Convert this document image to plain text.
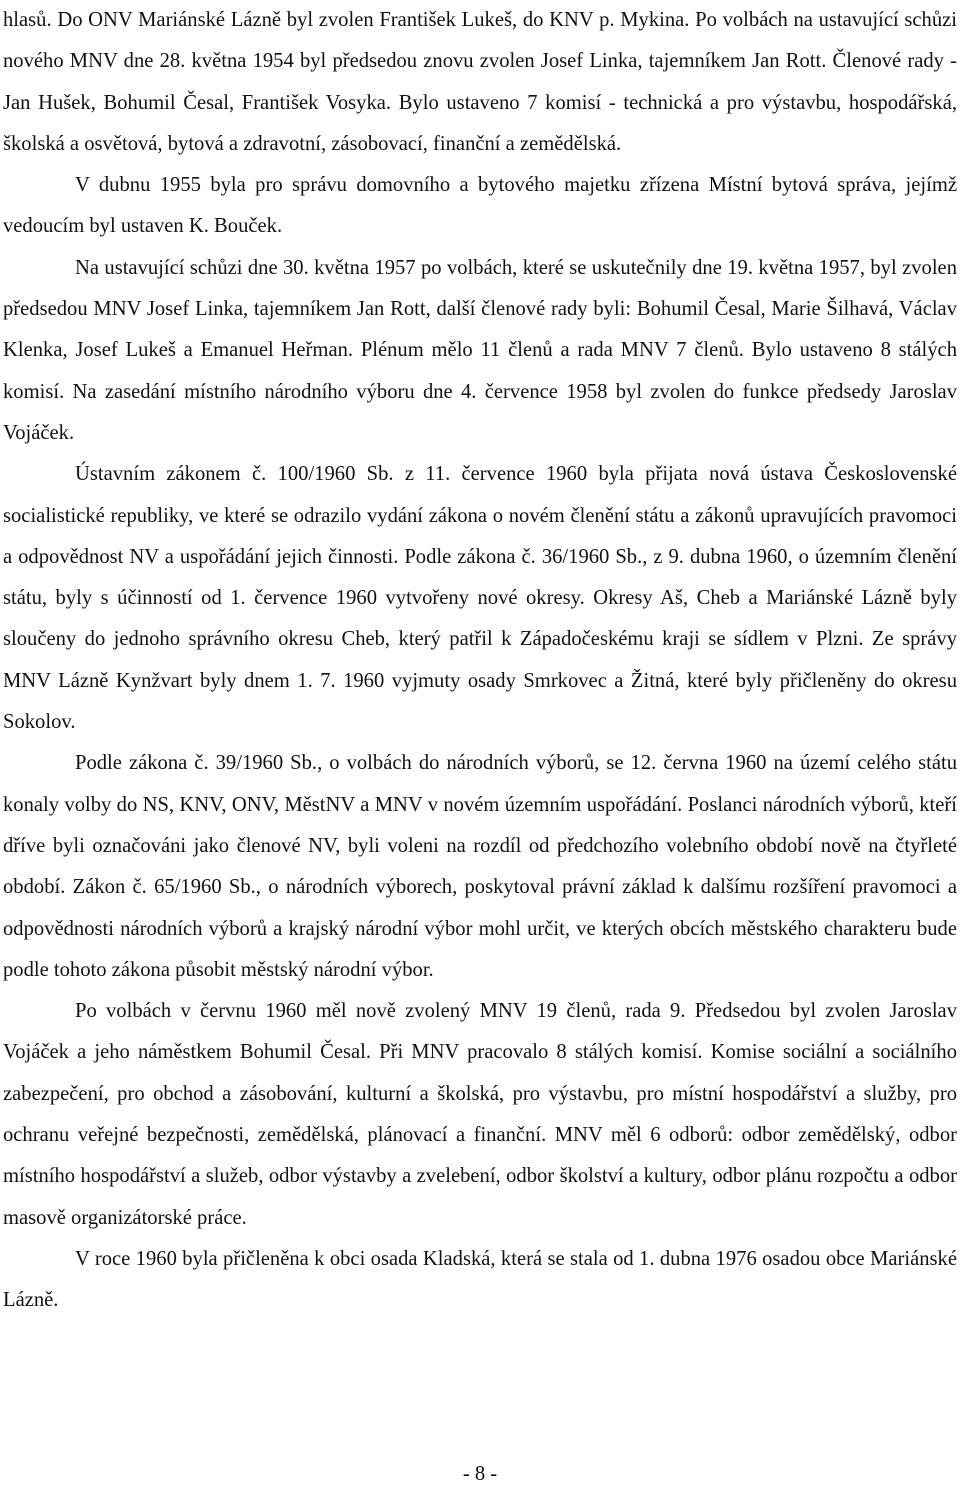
hlasů. Do ONV Mariánské Lázně byl zvolen František Lukeš, do KNV p. Mykina. Po volbách na ustavující schůzi nového MNV dne 28. května 1954 byl předsedou znovu zvolen Josef Linka, tajemníkem Jan Rott. Členové rady - Jan Hušek, Bohumil Česal, František Vosyka. Bylo ustaveno 7 komisí - technická a pro výstavbu, hospodářská, školská a osvětová, bytová a zdravotní, zásobovací, finanční a zemědělská.

V dubnu 1955 byla pro správu domovního a bytového majetku zřízena Místní bytová správa, jejímž vedoucím byl ustaven K. Bouček.

Na ustavující schůzi dne 30. května 1957 po volbách, které se uskutečnily dne 19. května 1957, byl zvolen předsedou MNV Josef Linka, tajemníkem Jan Rott, další členové rady byli: Bohumil Česal, Marie Šilhavá, Václav Klenka, Josef Lukeš a Emanuel Heřman. Plénum mělo 11 členů a rada MNV 7 členů. Bylo ustaveno 8 stálých komisí. Na zasedání místního národního výboru dne 4. července 1958 byl zvolen do funkce předsedy Jaroslav Vojáček.

Ústavním zákonem č. 100/1960 Sb. z 11. července 1960 byla přijata nová ústava Československé socialistické republiky, ve které se odrazilo vydání zákona o novém členění státu a zákonů upravujících pravomoci a odpovědnost NV a uspořádání jejich činnosti. Podle zákona č. 36/1960 Sb., z 9. dubna 1960, o územním členění státu, byly s účinností od 1. července 1960 vytvořeny nové okresy. Okresy Aš, Cheb a Mariánské Lázně byly sloučeny do jednoho správního okresu Cheb, který patřil k Západočeskému kraji se sídlem v Plzni. Ze správy MNV Lázně Kynžvart byly dnem 1. 7. 1960 vyjmuty osady Smrkovec a Žitná, které byly přičleněny do okresu Sokolov.

Podle zákona č. 39/1960 Sb., o volbách do národních výborů, se 12. června 1960 na území celého státu konaly volby do NS, KNV, ONV, MěstNV a MNV v novém územním uspořádání. Poslanci národních výborů, kteří dříve byli označováni jako členové NV, byli voleni na rozdíl od předchozího volebního období nově na čtyřleté období. Zákon č. 65/1960 Sb., o národních výborech, poskytoval právní základ k dalšímu rozšíření pravomoci a odpovědnosti národních výborů a krajský národní výbor mohl určit, ve kterých obcích městského charakteru bude podle tohoto zákona působit městský národní výbor.

Po volbách v červnu 1960 měl nově zvolený MNV 19 členů, rada 9. Předsedou byl zvolen Jaroslav Vojáček a jeho náměstkem Bohumil Česal. Při MNV pracovalo 8 stálých komisí. Komise sociální a sociálního zabezpečení, pro obchod a zásobování, kulturní a školská, pro výstavbu, pro místní hospodářství a služby, pro ochranu veřejné bezpečnosti, zemědělská, plánovací a finanční. MNV měl 6 odborů: odbor zemědělský, odbor místního hospodářství a služeb, odbor výstavby a zvelebení, odbor školství a kultury, odbor plánu rozpočtu a odbor masově organizátorské práce.

V roce 1960 byla přičleněna k obci osada Kladská, která se stala od 1. dubna 1976 osadou obce Mariánské Lázně.

- 8 -
